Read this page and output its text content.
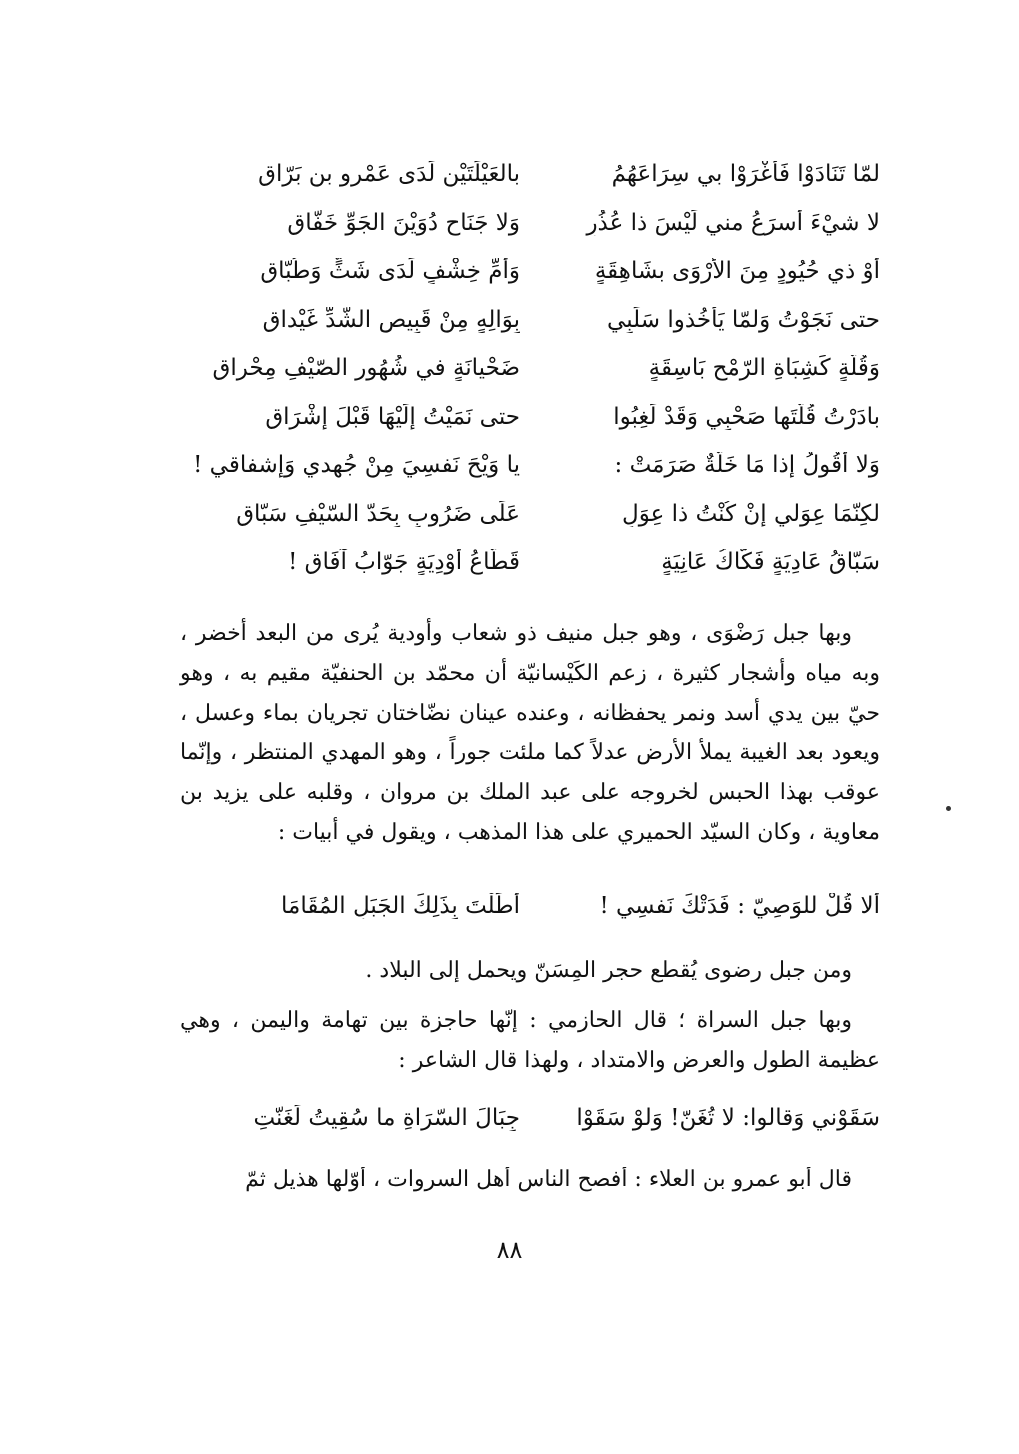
لمّا تَنَادَوْا فَأغْرَوْا بي سِرَاعَهُمُ
بالعَيْلَتَيْنِ لَدَى عَمْرِو بنِ بَرّاقِ
لا شيْءَ أسرَعُ مني لَيْسَ ذا عُذُرٍ
وَلا جَنَاحٍ دُوَيْنَ الجَوِّ خَفّاقِ
أوْ ذي حُيُودٍ مِنَ الأرْوَى بشَاهِقَةٍ
وَأُمِّ خِشْفٍ لَدَى شَثٍّ وَطُبّاقِ
حتى نَجَوْتُ وَلمّا يَأخُذوا سَلَبِي
بِوَالِهٍ مِنْ قَبِيصِ الشّدِّ غَيْداقِ
وَقُلّةٍ كَشِبَاةِ الرّمْحِ بَاسِقَةٍ
ضَحْيانَةٍ في شُهُورِ الصّيْفِ مِحْراقِ
بادَرْتُ قُلّتَها صَحْبِي وَقَدْ لَغِبُوا
حتى نَمَيْتُ إلَيْهَا قَبْلَ إشْرَاقِ
وَلا أقُولُ إذا مَا خَلّةٌ صَرَمَتْ :
يا وَيْحَ نَفسِيَ مِنْ جُهدي وَإشفاقي !
لكِنّمَا عِوَلي إنْ كُنْتُ ذا عِوَلٍ
عَلَى ضَرُوبٍ بِحَدّ السّيْفِ سَبّاقِ
سَبّاقُ عَادِيَةٍ فَكّاكُ عَانِيَةٍ
قَطّاعُ أوْدِيَةٍ جَوّابُ آفَاقِ !
وبها جبل رَضْوَى ، وهو جبل منيف ذو شعاب وأودية يُرى من البعد أخضر ، وبه مياه وأشجار كثيرة ، زعم الكَيْسانيّة أن محمّد بن الحنفيّة مقيم به ، وهو حيّ بين يدي أسد ونمر يحفظانه ، وعنده عينان نضّاختان تجريان بماء وعسل ، ويعود بعد الغيبة يملأ الأرض عدلاً كما ملئت جوراً ، وهو المهدي المنتظر ، وإنّما عوقب بهذا الحبس لخروجه على عبد الملك بن مروان ، وقلبه على يزيد بن معاوية ، وكان السيّد الحميري على هذا المذهب ، ويقول في أبيات :
ألا قُلْ للوَصِيّ : فَدَتْكَ نَفسِي !
أطَلْتَ بِذَلِكَ الجَبَلِ المُقَامَا
ومن جبل رضوى يُقطع حجر المِسَنّ ويحمل إلى البلاد .
وبها جبل السراة ؛ قال الحازمي : إنّها حاجزة بين تهامة واليمن ، وهي عظيمة الطول والعرض والامتداد ، ولهذا قال الشاعر :
سَقَوْني وَقالوا: لا تُغَنّ! وَلوْ سَقَوْا
جِبَالَ السّرَاةِ ما سُقِيتُ لَغَنّتِ
قال أبو عمرو بن العلاء : أفصح الناس أهل السروات ، أوّلها هذيل ثمّ
٨٨
